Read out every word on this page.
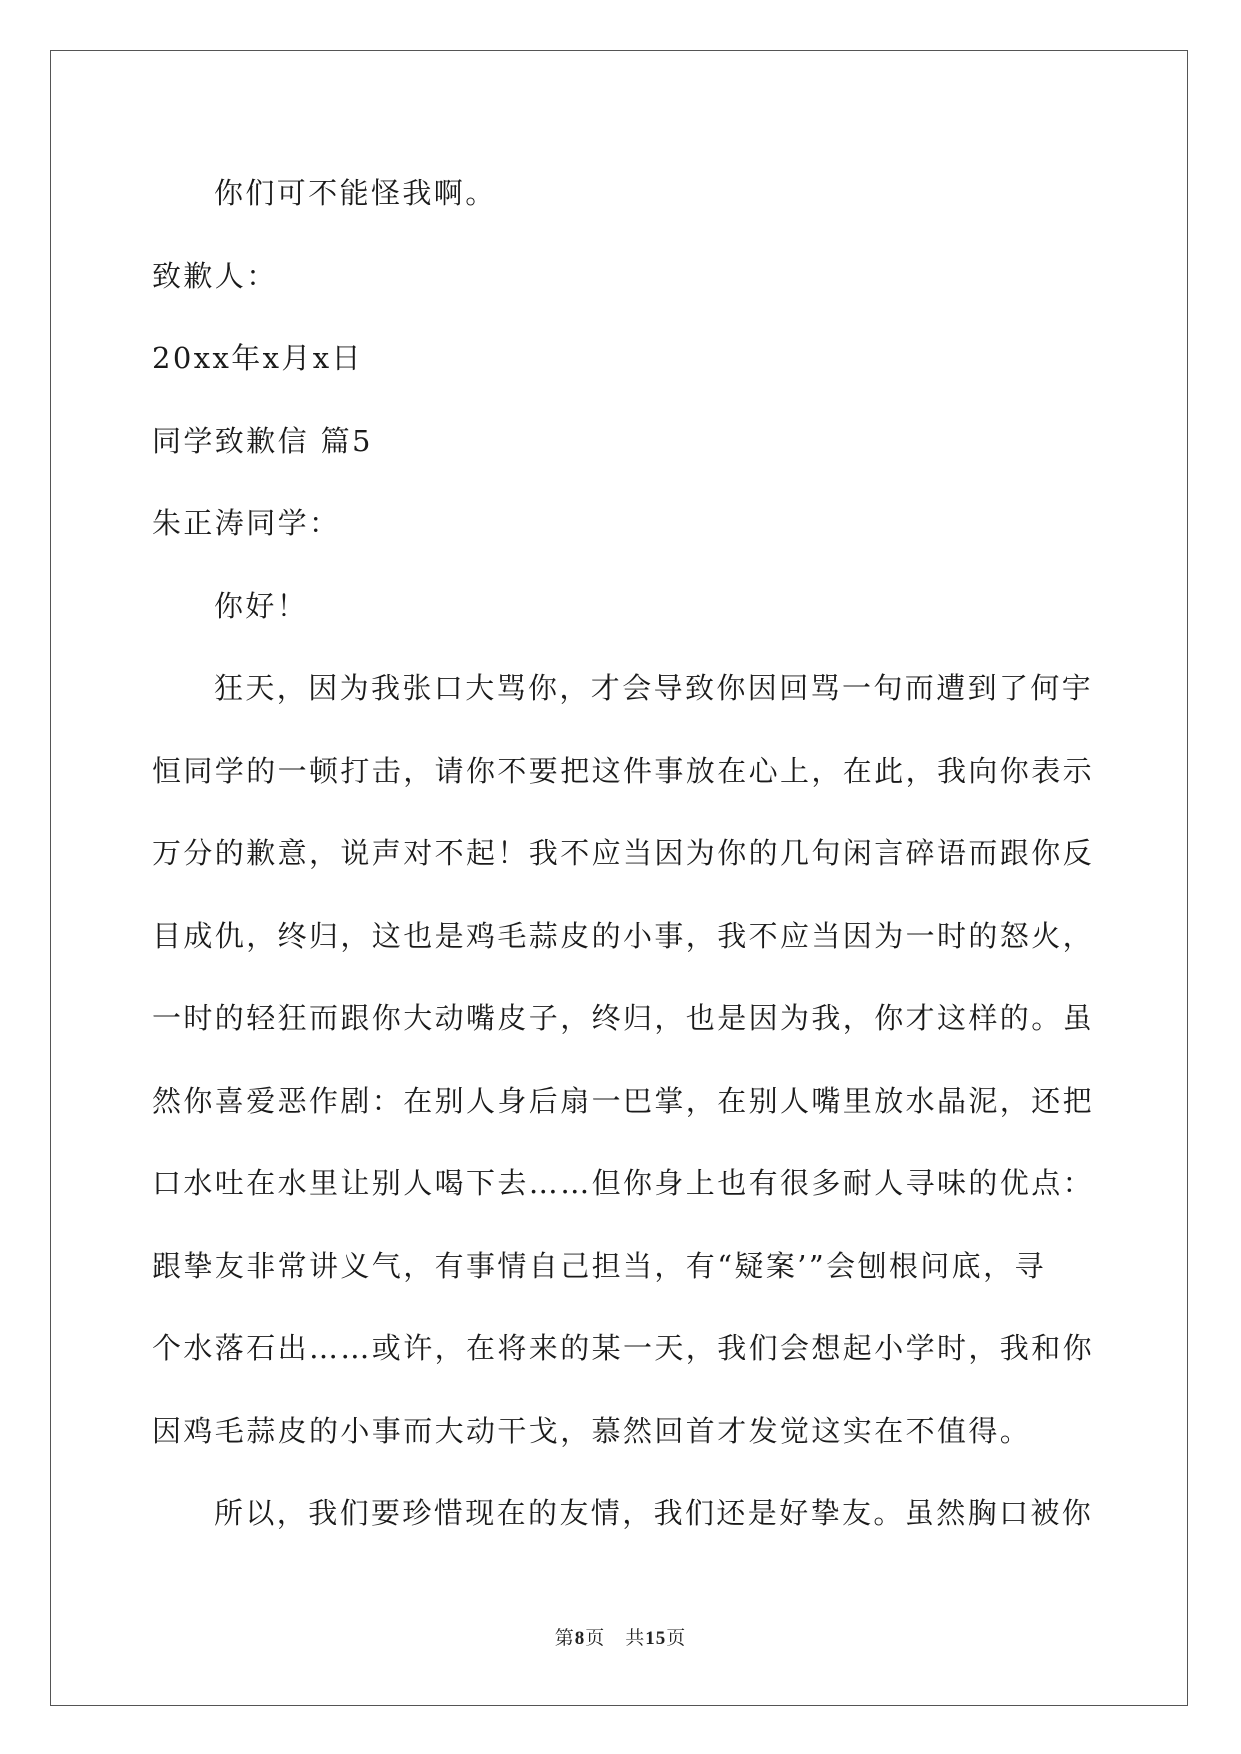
你们可不能怪我啊。
致歉人：
20xx年x月x日
同学致歉信 篇5
朱正涛同学：
你好！
狂天，因为我张口大骂你，才会导致你因回骂一句而遭到了何宇
恒同学的一顿打击，请你不要把这件事放在心上，在此，我向你表示
万分的歉意，说声对不起！我不应当因为你的几句闲言碎语而跟你反
目成仇，终归，这也是鸡毛蒜皮的小事，我不应当因为一时的怒火，
一时的轻狂而跟你大动嘴皮子，终归，也是因为我，你才这样的。虽
然你喜爱恶作剧：在别人身后扇一巴掌，在别人嘴里放水晶泥，还把
口水吐在水里让别人喝下去……但你身上也有很多耐人寻味的优点：
跟挚友非常讲义气，有事情自己担当，有“疑案’”会刨根问底，寻
个水落石出……或许，在将来的某一天，我们会想起小学时，我和你
因鸡毛蒜皮的小事而大动干戈，慕然回首才发觉这实在不值得。
所以，我们要珍惜现在的友情，我们还是好挚友。虽然胸口被你
第8页  共15页
